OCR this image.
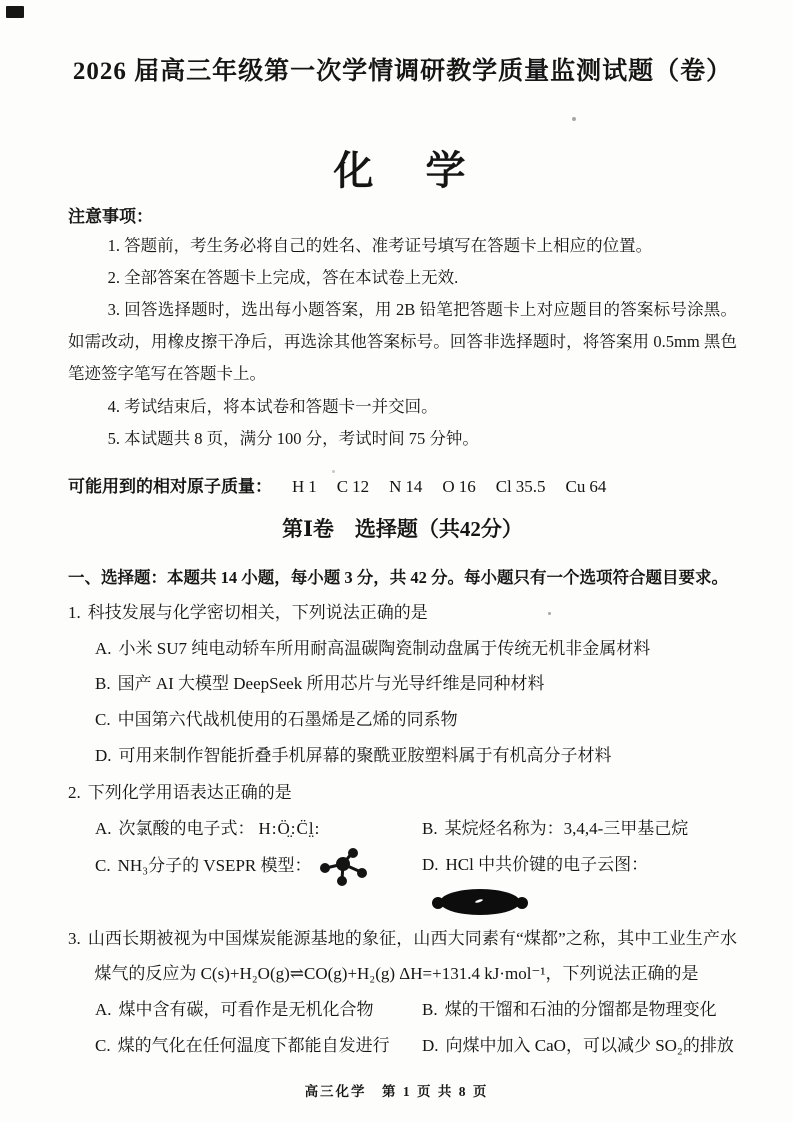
2026 届高三年级第一次学情调研教学质量监测试题（卷）
化　学

注意事项：

1. 答题前，考生务必将自己的姓名、准考证号填写在答题卡上相应的位置。

2. 全部答案在答题卡上完成，答在本试卷上无效.

3. 回答选择题时，选出每小题答案，用 2B 铅笔把答题卡上对应题目的答案标号涂黑。如需改动，用橡皮擦干净后，再选涂其他答案标号。回答非选择题时，将答案用 0.5mm 黑色笔迹签字笔写在答题卡上。

4. 考试结束后，将本试卷和答题卡一并交回。

5. 本试题共 8 页，满分 100 分，考试时间 75 分钟。

可能用到的相对原子质量： H 1 C 12 N 14 O 16 Cl 35.5 Cu 64

第Ⅰ卷　选择题（共42分）

一、选择题：本题共 14 小题，每小题 3 分，共 42 分。每小题只有一个选项符合题目要求。

1. 科技发展与化学密切相关，下列说法正确的是

A. 小米 SU7 纯电动轿车所用耐高温碳陶瓷制动盘属于传统无机非金属材料

B. 国产 AI 大模型 DeepSeek 所用芯片与光导纤维是同种材料

C. 中国第六代战机使用的石墨烯是乙烯的同系物

D. 可用来制作智能折叠手机屏幕的聚酰亚胺塑料属于有机高分子材料

2. 下列化学用语表达正确的是

A. 次氯酸的电子式： H:Ö̤:C̈l̤:	B. 某烷烃名称为：3,4,4-三甲基己烷

C. NH₃分子的 VSEPR 模型：	D. HCl 中共价键的电子云图：

3. 山西长期被视为中国煤炭能源基地的象征，山西大同素有“煤都”之称，其中工业生产水煤气的反应为 C(s)+H₂O(g)⇌CO(g)+H₂(g) ΔH=+131.4 kJ·mol⁻¹，下列说法正确的是

A. 煤中含有碳，可看作是无机化合物	B. 煤的干馏和石油的分馏都是物理变化

C. 煤的气化在任何温度下都能自发进行	D. 向煤中加入 CaO，可以减少 SO₂的排放

高三化学　第 1 页 共 8 页
